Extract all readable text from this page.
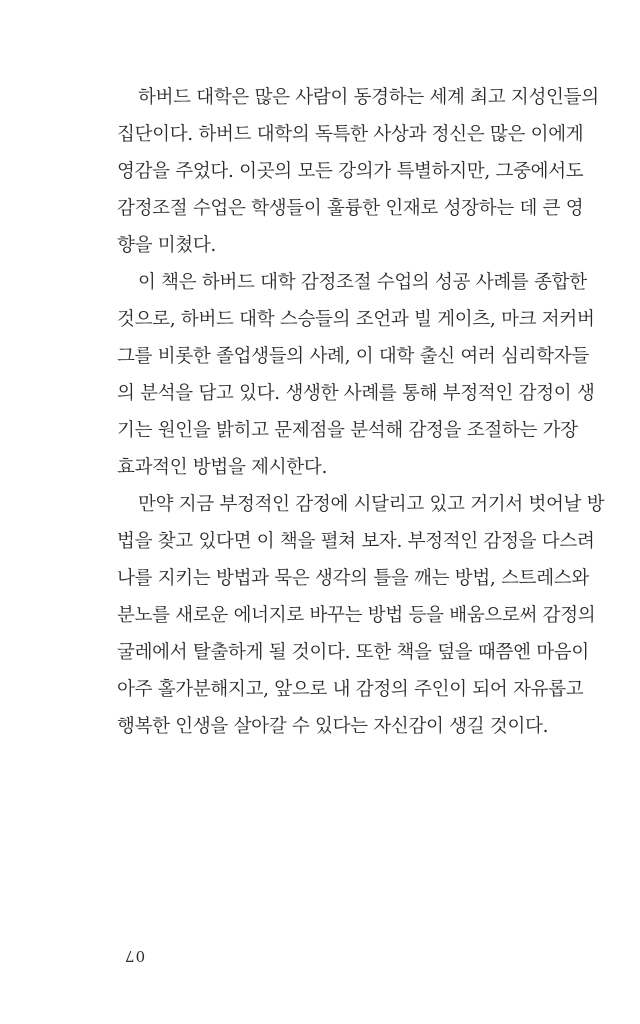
하버드 대학은 많은 사람이 동경하는 세계 최고 지성인들의
집단이다. 하버드 대학의 독특한 사상과 정신은 많은 이에게
영감을 주었다. 이곳의 모든 강의가 특별하지만, 그중에서도
감정조절 수업은 학생들이 훌륭한 인재로 성장하는 데 큰 영
향을 미쳤다.
이 책은 하버드 대학 감정조절 수업의 성공 사례를 종합한
것으로, 하버드 대학 스승들의 조언과 빌 게이츠, 마크 저커버
그를 비롯한 졸업생들의 사례, 이 대학 출신 여러 심리학자들
의 분석을 담고 있다. 생생한 사례를 통해 부정적인 감정이 생
기는 원인을 밝히고 문제점을 분석해 감정을 조절하는 가장
효과적인 방법을 제시한다.
만약 지금 부정적인 감정에 시달리고 있고 거기서 벗어날 방
법을 찾고 있다면 이 책을 펼쳐 보자. 부정적인 감정을 다스려
나를 지키는 방법과 묵은 생각의 틀을 깨는 방법, 스트레스와
분노를 새로운 에너지로 바꾸는 방법 등을 배움으로써 감정의
굴레에서 탈출하게 될 것이다. 또한 책을 덮을 때쯤엔 마음이
아주 홀가분해지고, 앞으로 내 감정의 주인이 되어 자유롭고
행복한 인생을 살아갈 수 있다는 자신감이 생길 것이다.
07
